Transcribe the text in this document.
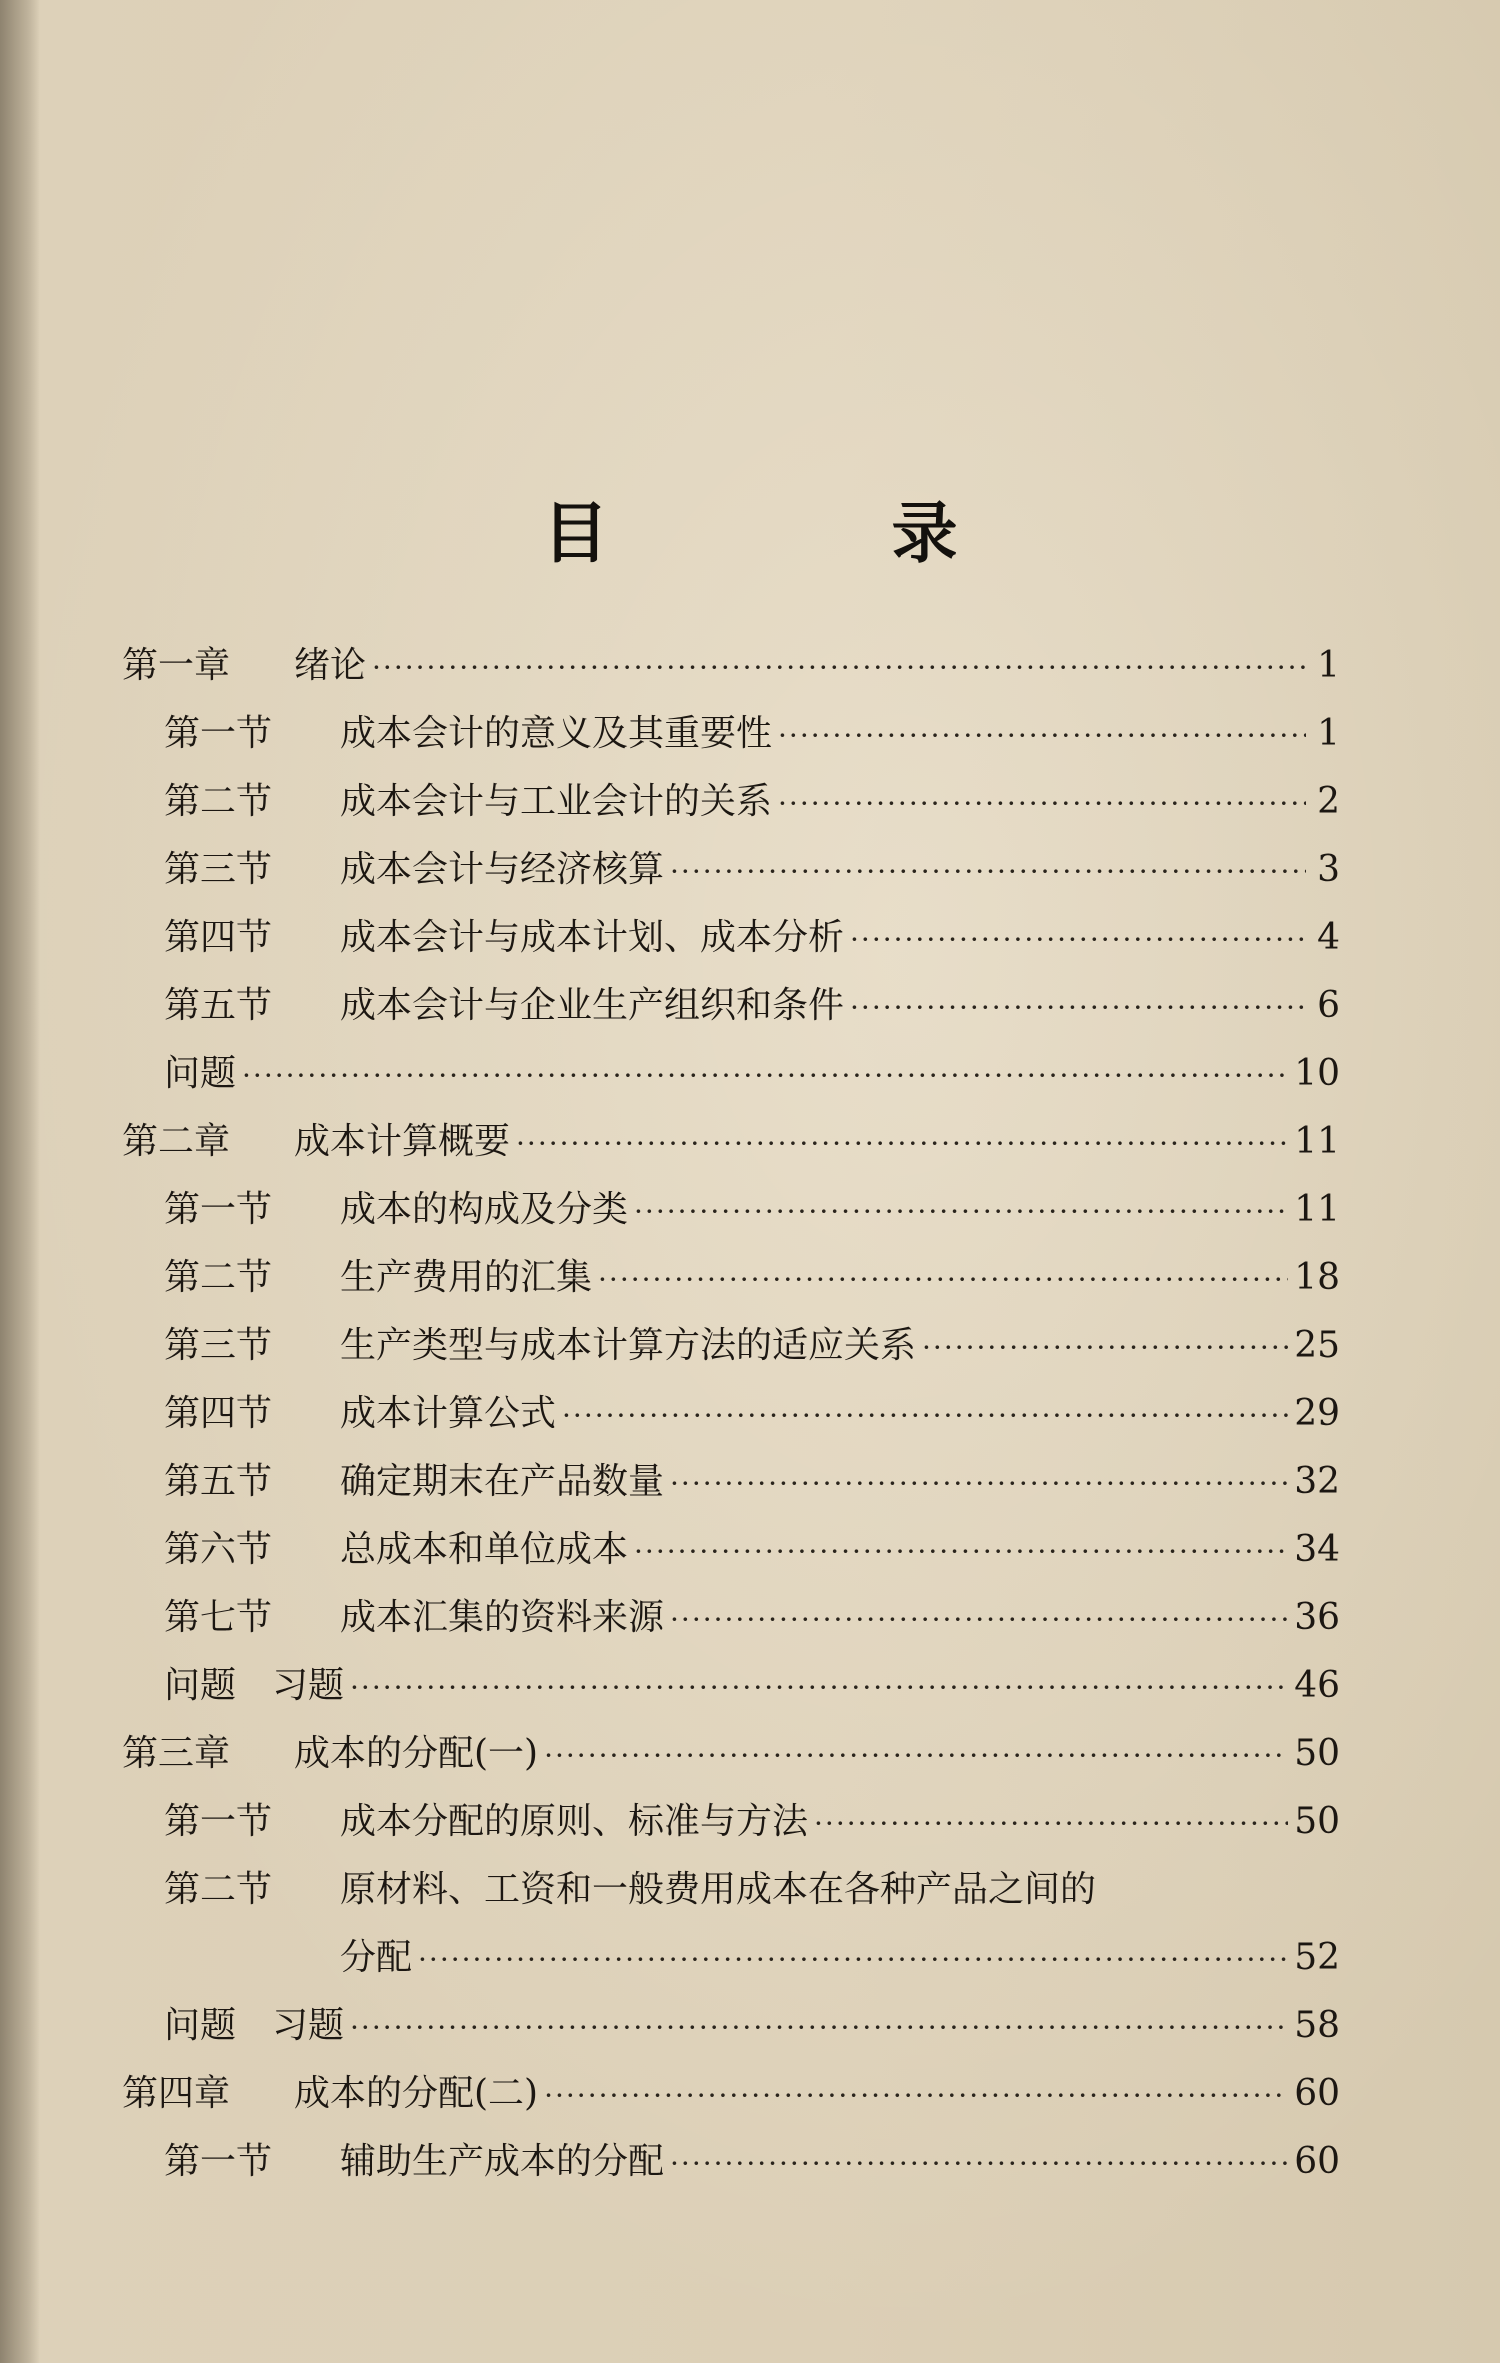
目 录
第一章	绪论 ·····	1
第一节	成本会计的意义及其重要性 ·····	1
第二节	成本会计与工业会计的关系 ·····	2
第三节	成本会计与经济核算 ·····	3
第四节	成本会计与成本计划、成本分析 ·····	4
第五节	成本会计与企业生产组织和条件 ·····	6
问题 ·····	10
第二章	成本计算概要 ·····	11
第一节	成本的构成及分类 ·····	11
第二节	生产费用的汇集 ·····	18
第三节	生产类型与成本计算方法的适应关系 ·····	25
第四节	成本计算公式 ·····	29
第五节	确定期末在产品数量 ·····	32
第六节	总成本和单位成本 ·····	34
第七节	成本汇集的资料来源 ·····	36
问题　习题 ·····	46
第三章	成本的分配(一) ·····	50
第一节	成本分配的原则、标准与方法 ·····	50
第二节	原材料、工资和一般费用成本在各种产品之间的
分配 ·····	52
问题　习题 ·····	58
第四章	成本的分配(二) ·····	60
第一节	辅助生产成本的分配 ·····	60
